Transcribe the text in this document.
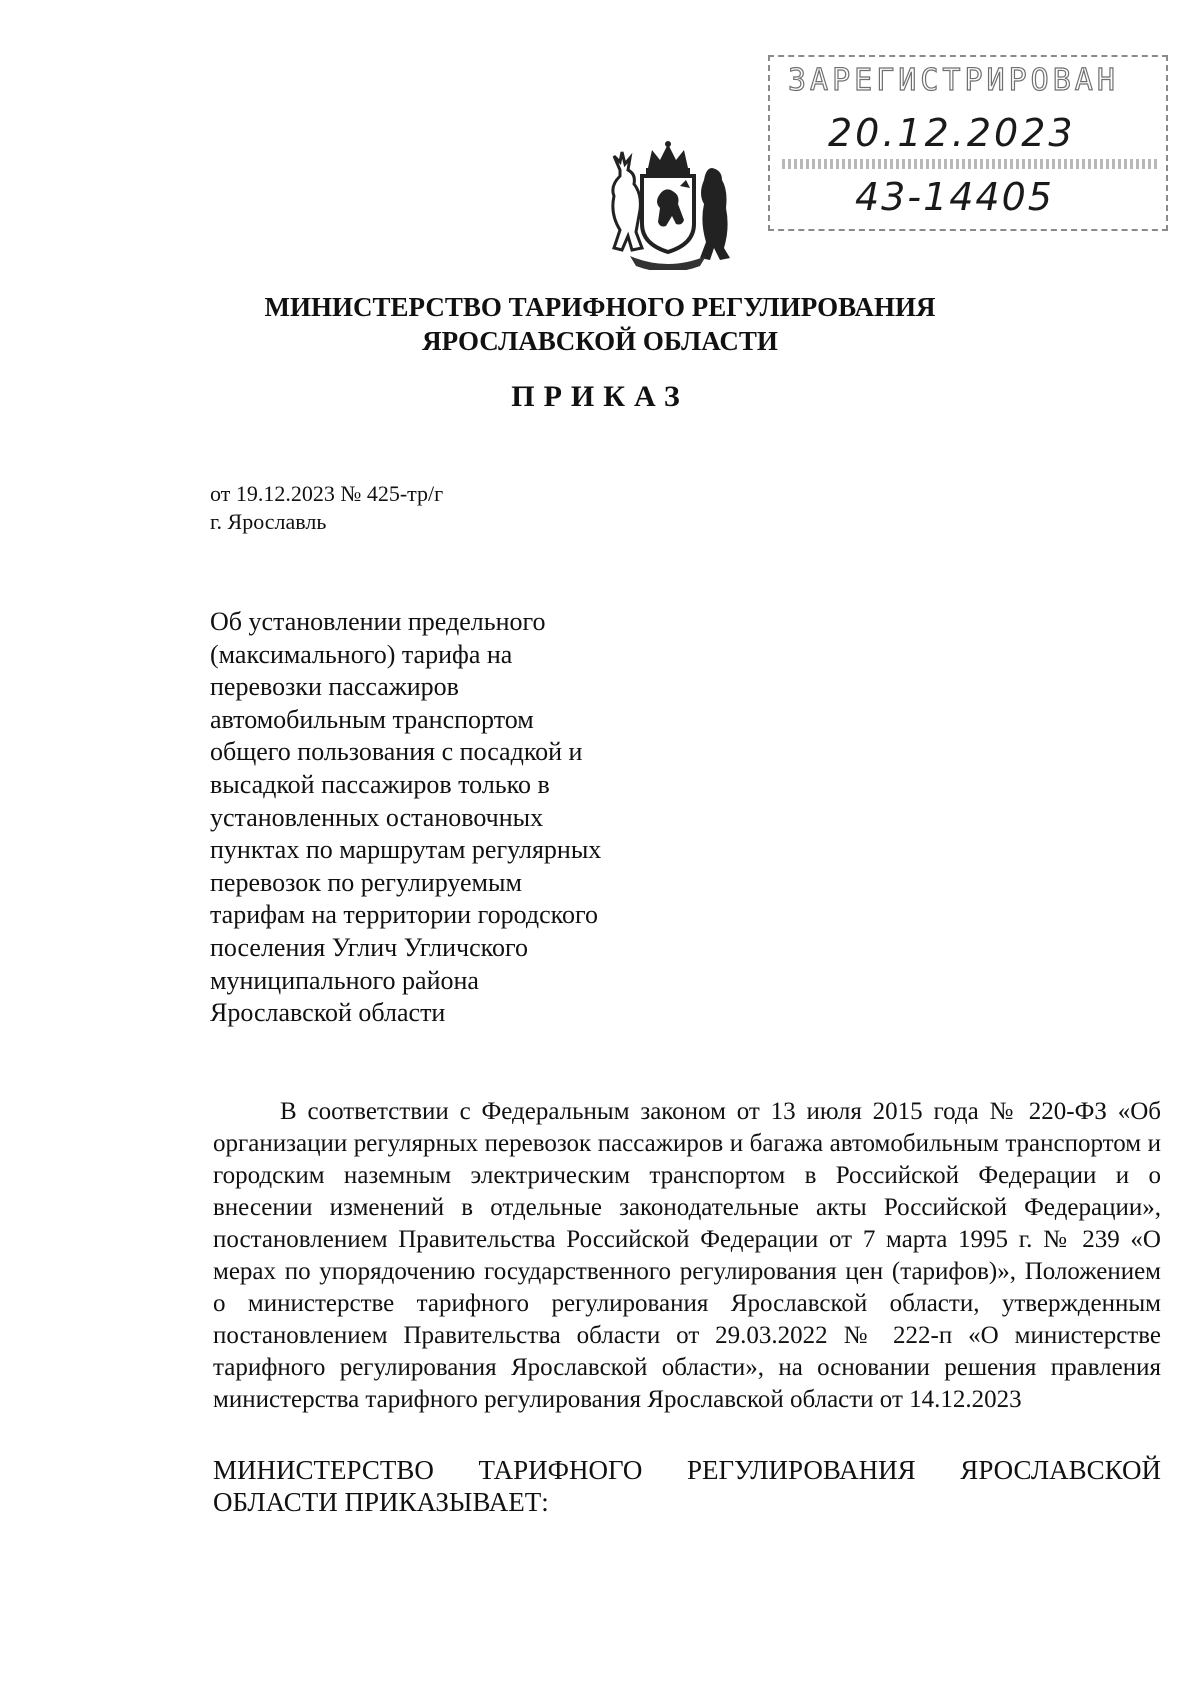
ЗАРЕГИСТРИРОВАН
20.12.2023
43-14405
МИНИСТЕРСТВО ТАРИФНОГО РЕГУЛИРОВАНИЯ
ЯРОСЛАВСКОЙ ОБЛАСТИ
ПРИКАЗ
от 19.12.2023 № 425-тр/г
г. Ярославль
Об установлении предельного
(максимального) тарифа на
перевозки пассажиров
автомобильным транспортом
общего пользования с посадкой и
высадкой пассажиров только в
установленных остановочных
пунктах по маршрутам регулярных
перевозок по регулируемым
тарифам на территории городского
поселения Углич Угличского
муниципального района
Ярославской области

В соответствии с Федеральным законом от 13 июля 2015 года № 220-ФЗ «Об организации регулярных перевозок пассажиров и багажа автомобильным транспортом и городским наземным электрическим транспортом в Российской Федерации и о внесении изменений в отдельные законодательные акты Российской Федерации», постановлением Правительства Российской Федерации от 7 марта 1995 г. № 239 «О мерах по упорядочению государственного регулирования цен (тарифов)», Положением о министерстве тарифного регулирования Ярославской области, утвержденным постановлением Правительства области от 29.03.2022 № 222-п «О министерстве тарифного регулирования Ярославской области», на основании решения правления министерства тарифного регулирования Ярославской области от 14.12.2023

МИНИСТЕРСТВО ТАРИФНОГО РЕГУЛИРОВАНИЯ ЯРОСЛАВСКОЙ ОБЛАСТИ ПРИКАЗЫВАЕТ:
